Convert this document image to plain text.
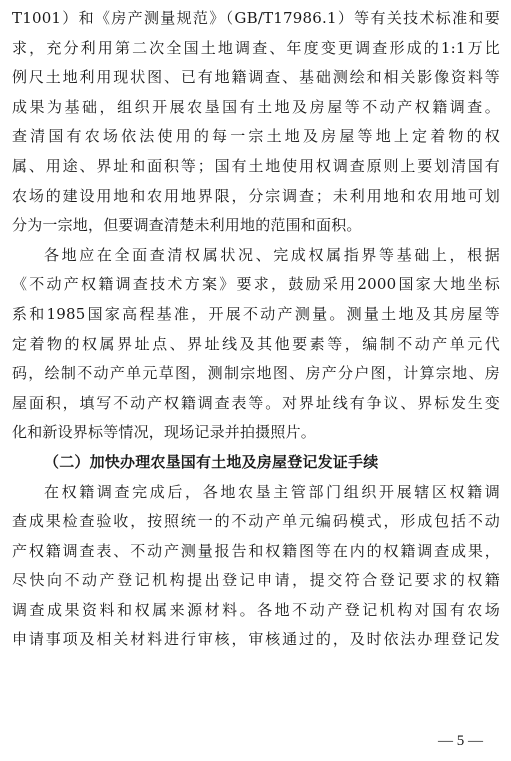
T1001）和《房产测量规范》（GB/T17986.1）等有关技术标准和要
求，充分利用第二次全国土地调查、年度变更调查形成的1:1万比
例尺土地利用现状图、已有地籍调查、基础测绘和相关影像资料等
成果为基础，组织开展农垦国有土地及房屋等不动产权籍调查。
查清国有农场依法使用的每一宗土地及房屋等地上定着物的权
属、用途、界址和面积等；国有土地使用权调查原则上要划清国有
农场的建设用地和农用地界限，分宗调查；未利用地和农用地可划
分为一宗地，但要调查清楚未利用地的范围和面积。
各地应在全面查清权属状况、完成权属指界等基础上，根据
《不动产权籍调查技术方案》要求，鼓励采用2000国家大地坐标
系和1985国家高程基准，开展不动产测量。测量土地及其房屋等
定着物的权属界址点、界址线及其他要素等，编制不动产单元代
码，绘制不动产单元草图，测制宗地图、房产分户图，计算宗地、房
屋面积，填写不动产权籍调查表等。对界址线有争议、界标发生变
化和新设界标等情况，现场记录并拍摄照片。
（二）加快办理农垦国有土地及房屋登记发证手续
在权籍调查完成后，各地农垦主管部门组织开展辖区权籍调
查成果检查验收，按照统一的不动产单元编码模式，形成包括不动
产权籍调查表、不动产测量报告和权籍图等在内的权籍调查成果，
尽快向不动产登记机构提出登记申请，提交符合登记要求的权籍
调查成果资料和权属来源材料。各地不动产登记机构对国有农场
申请事项及相关材料进行审核，审核通过的，及时依法办理登记发
— 5 —
